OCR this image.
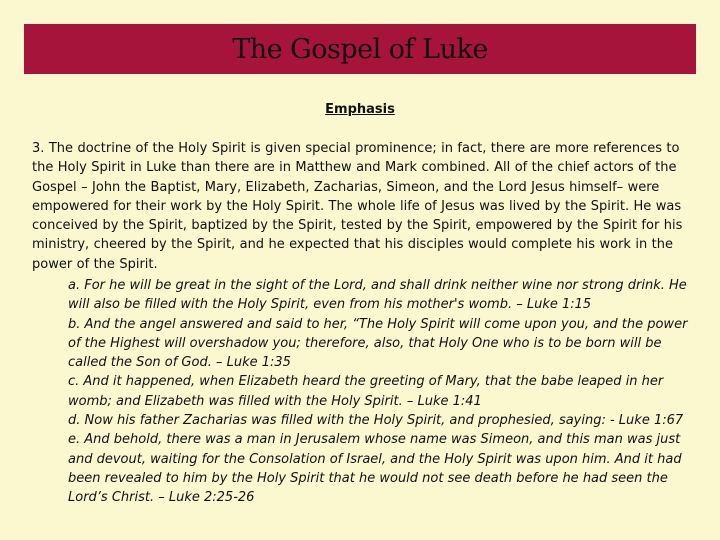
The Gospel of Luke
Emphasis
3. The doctrine of the Holy Spirit is given special prominence; in fact, there are more references to the Holy Spirit in Luke than there are in Matthew and Mark combined. All of the chief actors of the Gospel – John the Baptist, Mary, Elizabeth, Zacharias, Simeon, and the Lord Jesus himself– were empowered for their work by the Holy Spirit. The whole life of Jesus was lived by the Spirit. He was conceived by the Spirit, baptized by the Spirit, tested by the Spirit, empowered by the Spirit for his ministry, cheered by the Spirit, and he expected that his disciples would complete his work in the power of the Spirit.

a. For he will be great in the sight of the Lord, and shall drink neither wine nor strong drink. He will also be filled with the Holy Spirit, even from his mother's womb. – Luke 1:15

b. And the angel answered and said to her, “The Holy Spirit will come upon you, and the power of the Highest will overshadow you; therefore, also, that Holy One who is to be born will be called the Son of God. – Luke 1:35

c. And it happened, when Elizabeth heard the greeting of Mary, that the babe leaped in her womb; and Elizabeth was filled with the Holy Spirit. – Luke 1:41

d. Now his father Zacharias was filled with the Holy Spirit, and prophesied, saying: - Luke 1:67

e. And behold, there was a man in Jerusalem whose name was Simeon, and this man was just and devout, waiting for the Consolation of Israel, and the Holy Spirit was upon him. And it had been revealed to him by the Holy Spirit that he would not see death before he had seen the Lord’s Christ. – Luke 2:25-26
